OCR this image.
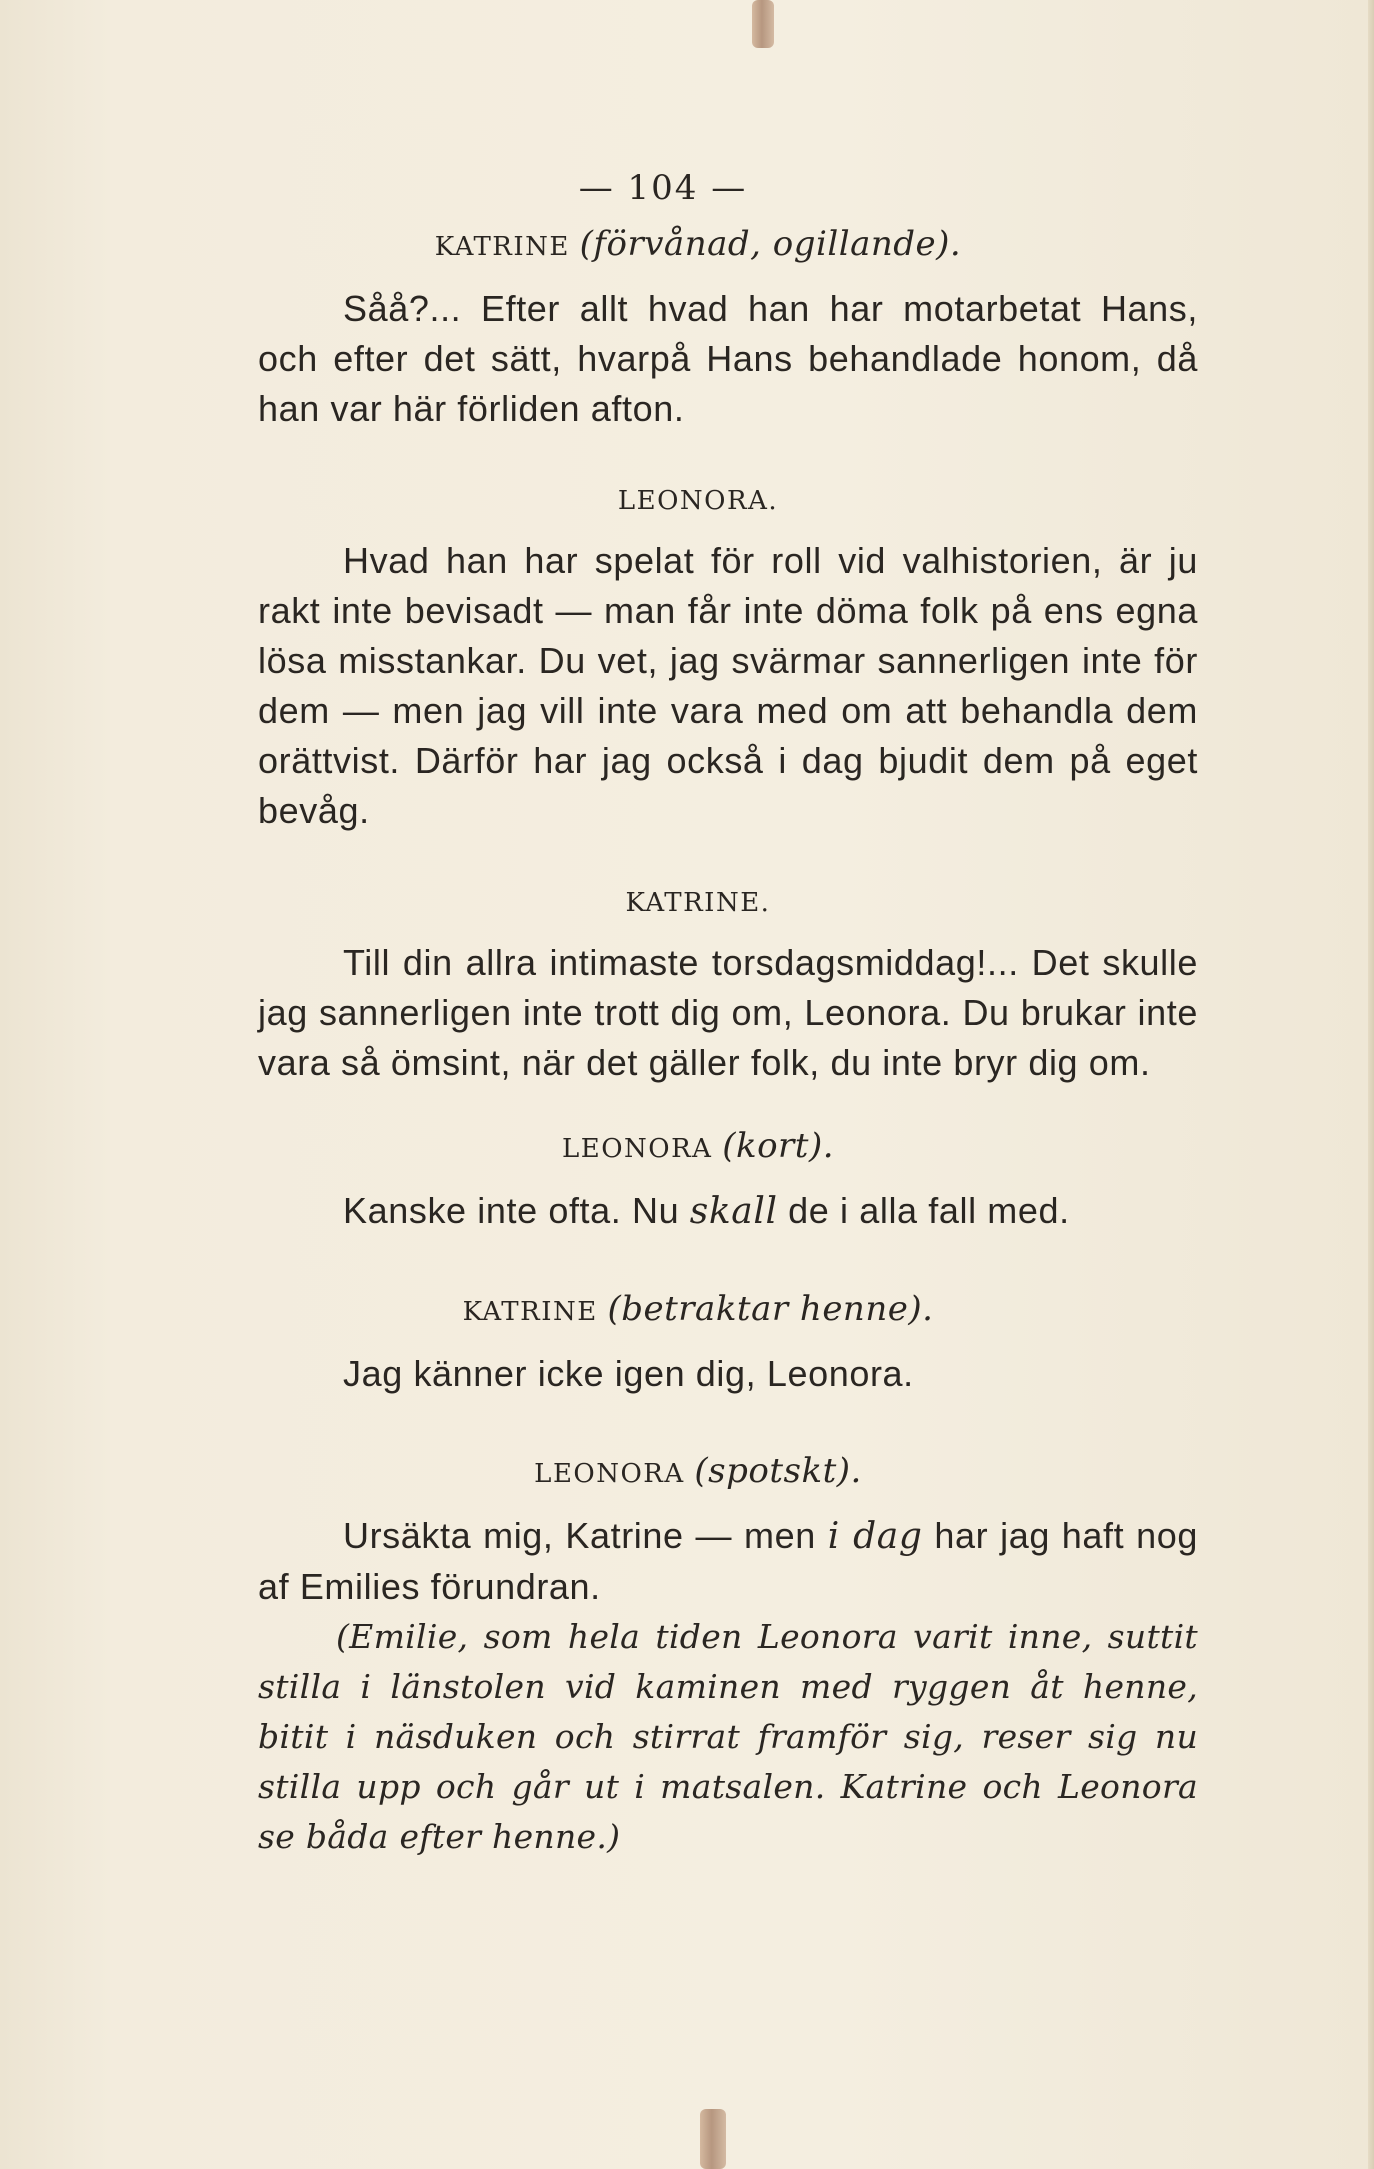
— 104 —
KATRINE (förvånad, ogillande).

Såå?... Efter allt hvad han har motarbetat Hans, och efter det sätt, hvarpå Hans behandlade honom, då han var här förliden afton.

LEONORA.

Hvad han har spelat för roll vid valhistorien, är ju rakt inte bevisadt — man får inte döma folk på ens egna lösa misstankar. Du vet, jag svärmar sannerligen inte för dem — men jag vill inte vara med om att behandla dem orättvist. Därför har jag också i dag bjudit dem på eget bevåg.

KATRINE.

Till din allra intimaste torsdagsmiddag!... Det skulle jag sannerligen inte trott dig om, Leonora. Du brukar inte vara så ömsint, när det gäller folk, du inte bryr dig om.

LEONORA (kort).

Kanske inte ofta. Nu skall de i alla fall med.

KATRINE (betraktar henne).

Jag känner icke igen dig, Leonora.

LEONORA (spotskt).

Ursäkta mig, Katrine — men i dag har jag haft nog af Emilies förundran.

(Emilie, som hela tiden Leonora varit inne, suttit stilla i länstolen vid kaminen med ryggen åt henne, bitit i näsduken och stirrat framför sig, reser sig nu stilla upp och går ut i matsalen. Katrine och Leonora se båda efter henne.)
